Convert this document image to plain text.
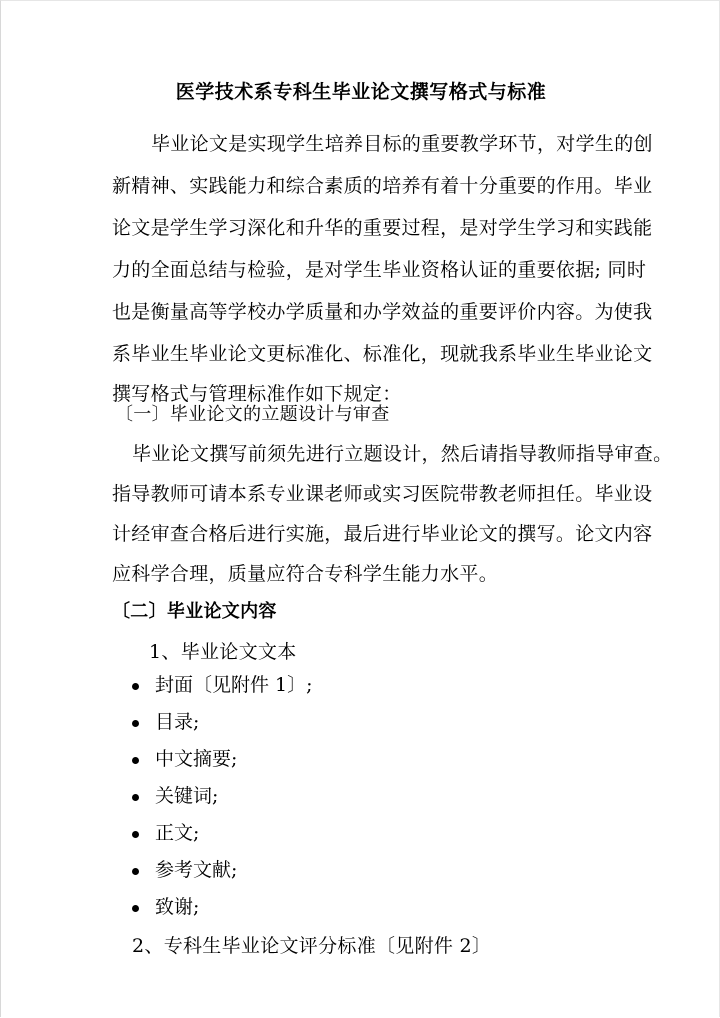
医学技术系专科生毕业论文撰写格式与标准
毕业论文是实现学生培养目标的重要教学环节，对学生的创
新精神、实践能力和综合素质的培养有着十分重要的作用。毕业
论文是学生学习深化和升华的重要过程，是对学生学习和实践能
力的全面总结与检验，是对学生毕业资格认证的重要依据; 同时
也是衡量高等学校办学质量和办学效益的重要评价内容。为使我
系毕业生毕业论文更标准化、标准化，现就我系毕业生毕业论文
撰写格式与管理标准作如下规定：
〔一〕毕业论文的立题设计与审查
毕业论文撰写前须先进行立题设计，然后请指导教师指导审查。
指导教师可请本系专业课老师或实习医院带教老师担任。毕业设
计经审查合格后进行实施，最后进行毕业论文的撰写。论文内容
应科学合理，质量应符合专科学生能力水平。
〔二〕毕业论文内容
1、毕业论文文本
封面〔见附件 1〕;
目录;
中文摘要;
关键词;
正文;
参考文献;
致谢;
2、专科生毕业论文评分标准〔见附件 2〕
